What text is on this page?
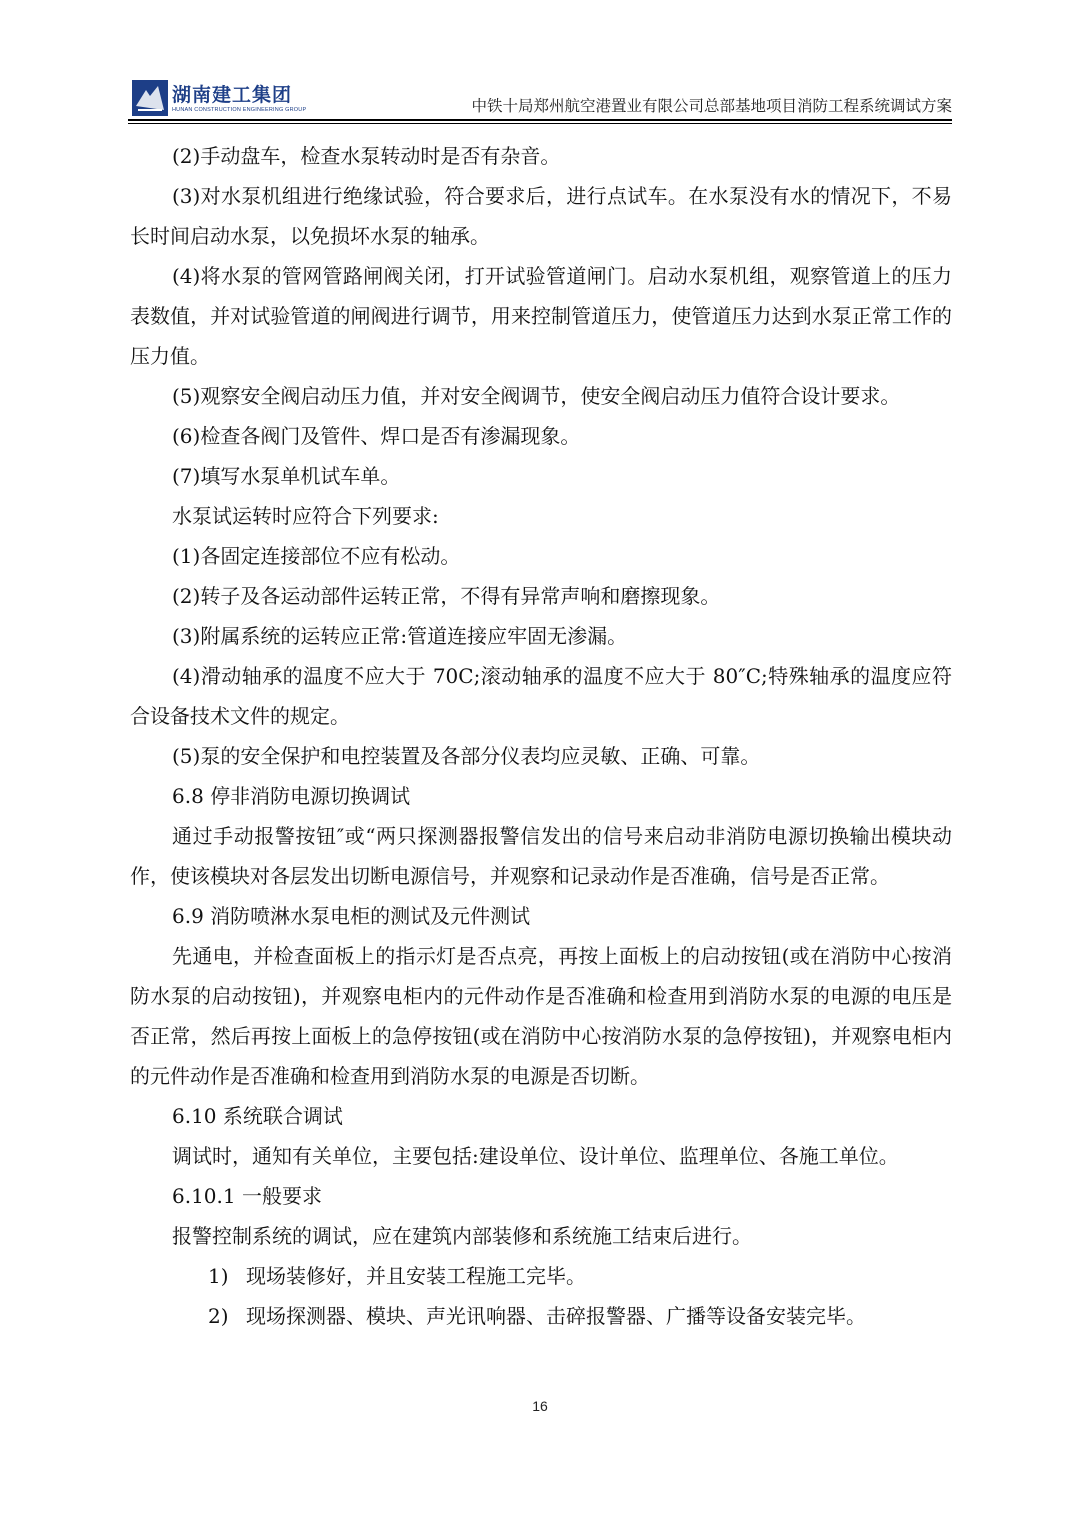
湖南建工集团
HUNAN CONSTRUCTION ENGINEERING GROUP	中铁十局郑州航空港置业有限公司总部基地项目消防工程系统调试方案

(2)手动盘车，检查水泵转动时是否有杂音。

(3)对水泵机组进行绝缘试验，符合要求后，进行点试车。在水泵没有水的情况下，不易长时间启动水泵，以免损坏水泵的轴承。

(4)将水泵的管网管路闸阀关闭，打开试验管道闸门。启动水泵机组，观察管道上的压力表数值，并对试验管道的闸阀进行调节，用来控制管道压力，使管道压力达到水泵正常工作的压力值。

(5)观察安全阀启动压力值，并对安全阀调节，使安全阀启动压力值符合设计要求。

(6)检查各阀门及管件、焊口是否有渗漏现象。

(7)填写水泵单机试车单。

水泵试运转时应符合下列要求:

(1)各固定连接部位不应有松动。

(2)转子及各运动部件运转正常，不得有异常声响和磨擦现象。

(3)附属系统的运转应正常:管道连接应牢固无渗漏。

(4)滑动轴承的温度不应大于 70C;滚动轴承的温度不应大于 80″C;特殊轴承的温度应符合设备技术文件的规定。

(5)泵的安全保护和电控装置及各部分仪表均应灵敏、正确、可靠。

6.8 停非消防电源切换调试

通过手动报警按钮″或“两只探测器报警信发出的信号来启动非消防电源切换输出模块动作，使该模块对各层发出切断电源信号，并观察和记录动作是否准确，信号是否正常。

6.9 消防喷淋水泵电柜的测试及元件测试

先通电，并检查面板上的指示灯是否点亮，再按上面板上的启动按钮(或在消防中心按消防水泵的启动按钮)，并观察电柜内的元件动作是否准确和检查用到消防水泵的电源的电压是否正常，然后再按上面板上的急停按钮(或在消防中心按消防水泵的急停按钮)，并观察电柜内的元件动作是否准确和检查用到消防水泵的电源是否切断。

6.10 系统联合调试

调试时，通知有关单位，主要包括:建设单位、设计单位、监理单位、各施工单位。

6.10.1 一般要求

报警控制系统的调试，应在建筑内部装修和系统施工结束后进行。

1) 现场装修好，并且安装工程施工完毕。

2) 现场探测器、模块、声光讯响器、击碎报警器、广播等设备安装完毕。

16
